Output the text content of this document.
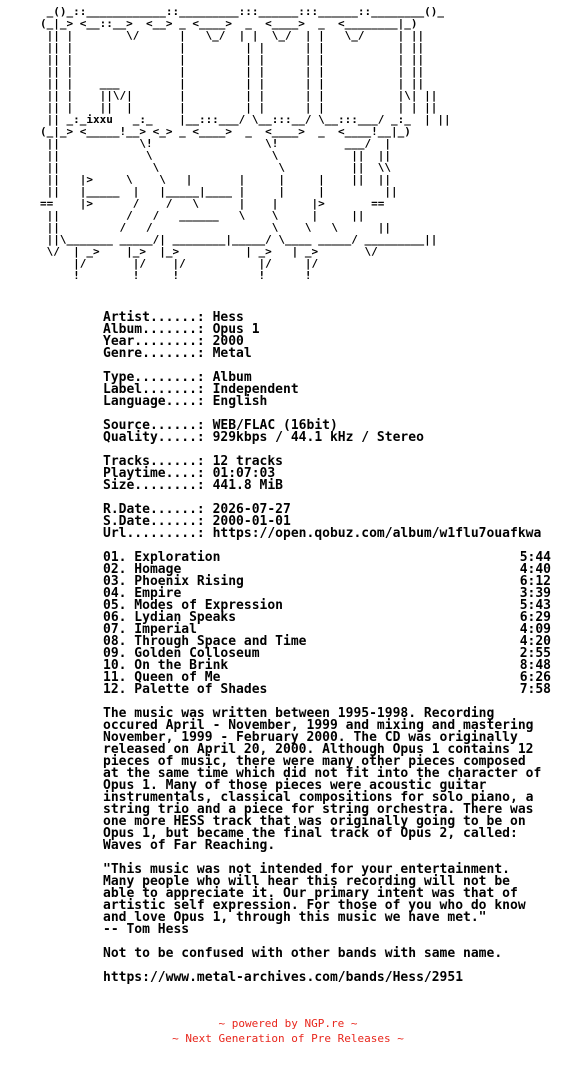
_()_::____________::_________:::______:::______::________()_
(_|_> <__::__>  <__> _ <____>  _  <____>  _  <________|_)
|| |        \/      |   \_/  | |  \_/  | |   \_/     | ||
|| |                |         | |      | |           | ||
|| |                |         | |      | |           | ||
|| |                |         | |      | |           | ||
|| |    ___         |         | |      | |           | ||
|| |    ||\/|       |         | |      | |           |\| ||
|| |    ||  |       |         | |      | |           | | ||
|| _:_ixxu   _:_    |__:::___/ \__:::__/ \__:::___/ _:_  | ||
(_|_> <_____!__> <_> _ <____>  _  <____>  _  <____!__|_)
||            \!                 \!          ___/  |
||             \                  \           ||  ||
||              \                  \          ||  \\
||   |>     \    \   |       |     |     |    ||  ||
||   |_____  |   |_____|____ |     |     |         ||
==    |>      /    /   \      |    |     |>       ==
||          /   /   ______   \    \     |     ||
||         /   /                  \    \   \      ||
||\_______ _____/| ________|_____/ \____ _____/ _________||
\/  | _>    |_>  |_>          | _>   | _>       \/
|/       |/    |/           |/     |/
!        !     !            !      !
Artist......: Hess
Album.......: Opus 1
Year........: 2000
Genre.......: Metal
Type........: Album
Label.......: Independent
Language....: English
Source......: WEB/FLAC (16bit)
Quality.....: 929kbps / 44.1 kHz / Stereo
Tracks......: 12 tracks
Playtime....: 01:07:03
Size........: 441.8 MiB
R.Date......: 2026-07-27
S.Date......: 2000-01-01
Url.........: https://open.qobuz.com/album/w1flu7ouafkwa
01. Exploration	5:44
02. Homage	4:40
03. Phoenix Rising	6:12
04. Empire	3:39
05. Modes of Expression	5:43
06. Lydian Speaks	6:29
07. Imperial	4:09
08. Through Space and Time	4:20
09. Golden Colloseum	2:55
10. On the Brink	8:48
11. Queen of Me	6:26
12. Palette of Shades	7:58
The music was written between 1995-1998. Recording
occured April - November, 1999 and mixing and mastering
November, 1999 - February 2000. The CD was originally
released on April 20, 2000. Although Opus 1 contains 12
pieces of music, there were many other pieces composed
at the same time which did not fit into the character of
Opus 1. Many of those pieces were acoustic guitar
instrumentals, classical compositions for solo piano, a
string trio and a piece for string orchestra. There was
one more HESS track that was originally going to be on
Opus 1, but became the final track of Opus 2, called:
Waves of Far Reaching.
"This music was not intended for your entertainment.
Many people who will hear this recording will not be
able to appreciate it. Our primary intent was that of
artistic self expression. For those of you who do know
and love Opus 1, through this music we have met."
-- Tom Hess
Not to be confused with other bands with same name.
https://www.metal-archives.com/bands/Hess/2951
~ powered by NGP.re ~
~ Next Generation of Pre Releases ~
